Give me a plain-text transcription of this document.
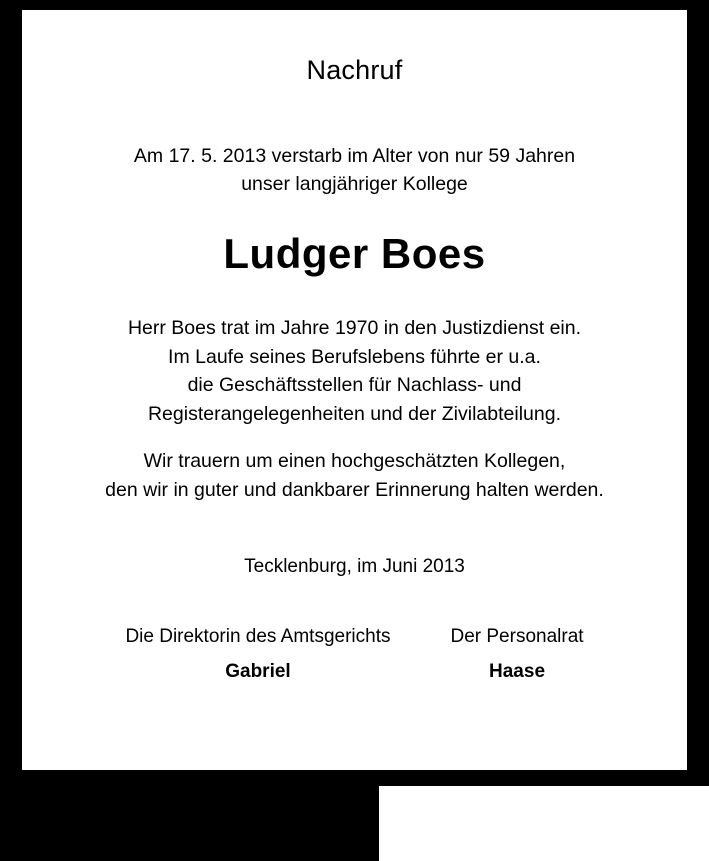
Nachruf
Am 17. 5. 2013 verstarb im Alter von nur 59 Jahren
unser langjähriger Kollege
Ludger Boes
Herr Boes trat im Jahre 1970 in den Justizdienst ein.
Im Laufe seines Berufslebens führte er u.a.
die Geschäftsstellen für Nachlass- und
Registerangelegenheiten und der Zivilabteilung.
Wir trauern um einen hochgeschätzten Kollegen,
den wir in guter und dankbarer Erinnerung halten werden.
Tecklenburg, im Juni 2013
Die Direktorin des Amtsgerichts
Gabriel
Der Personalrat
Haase
